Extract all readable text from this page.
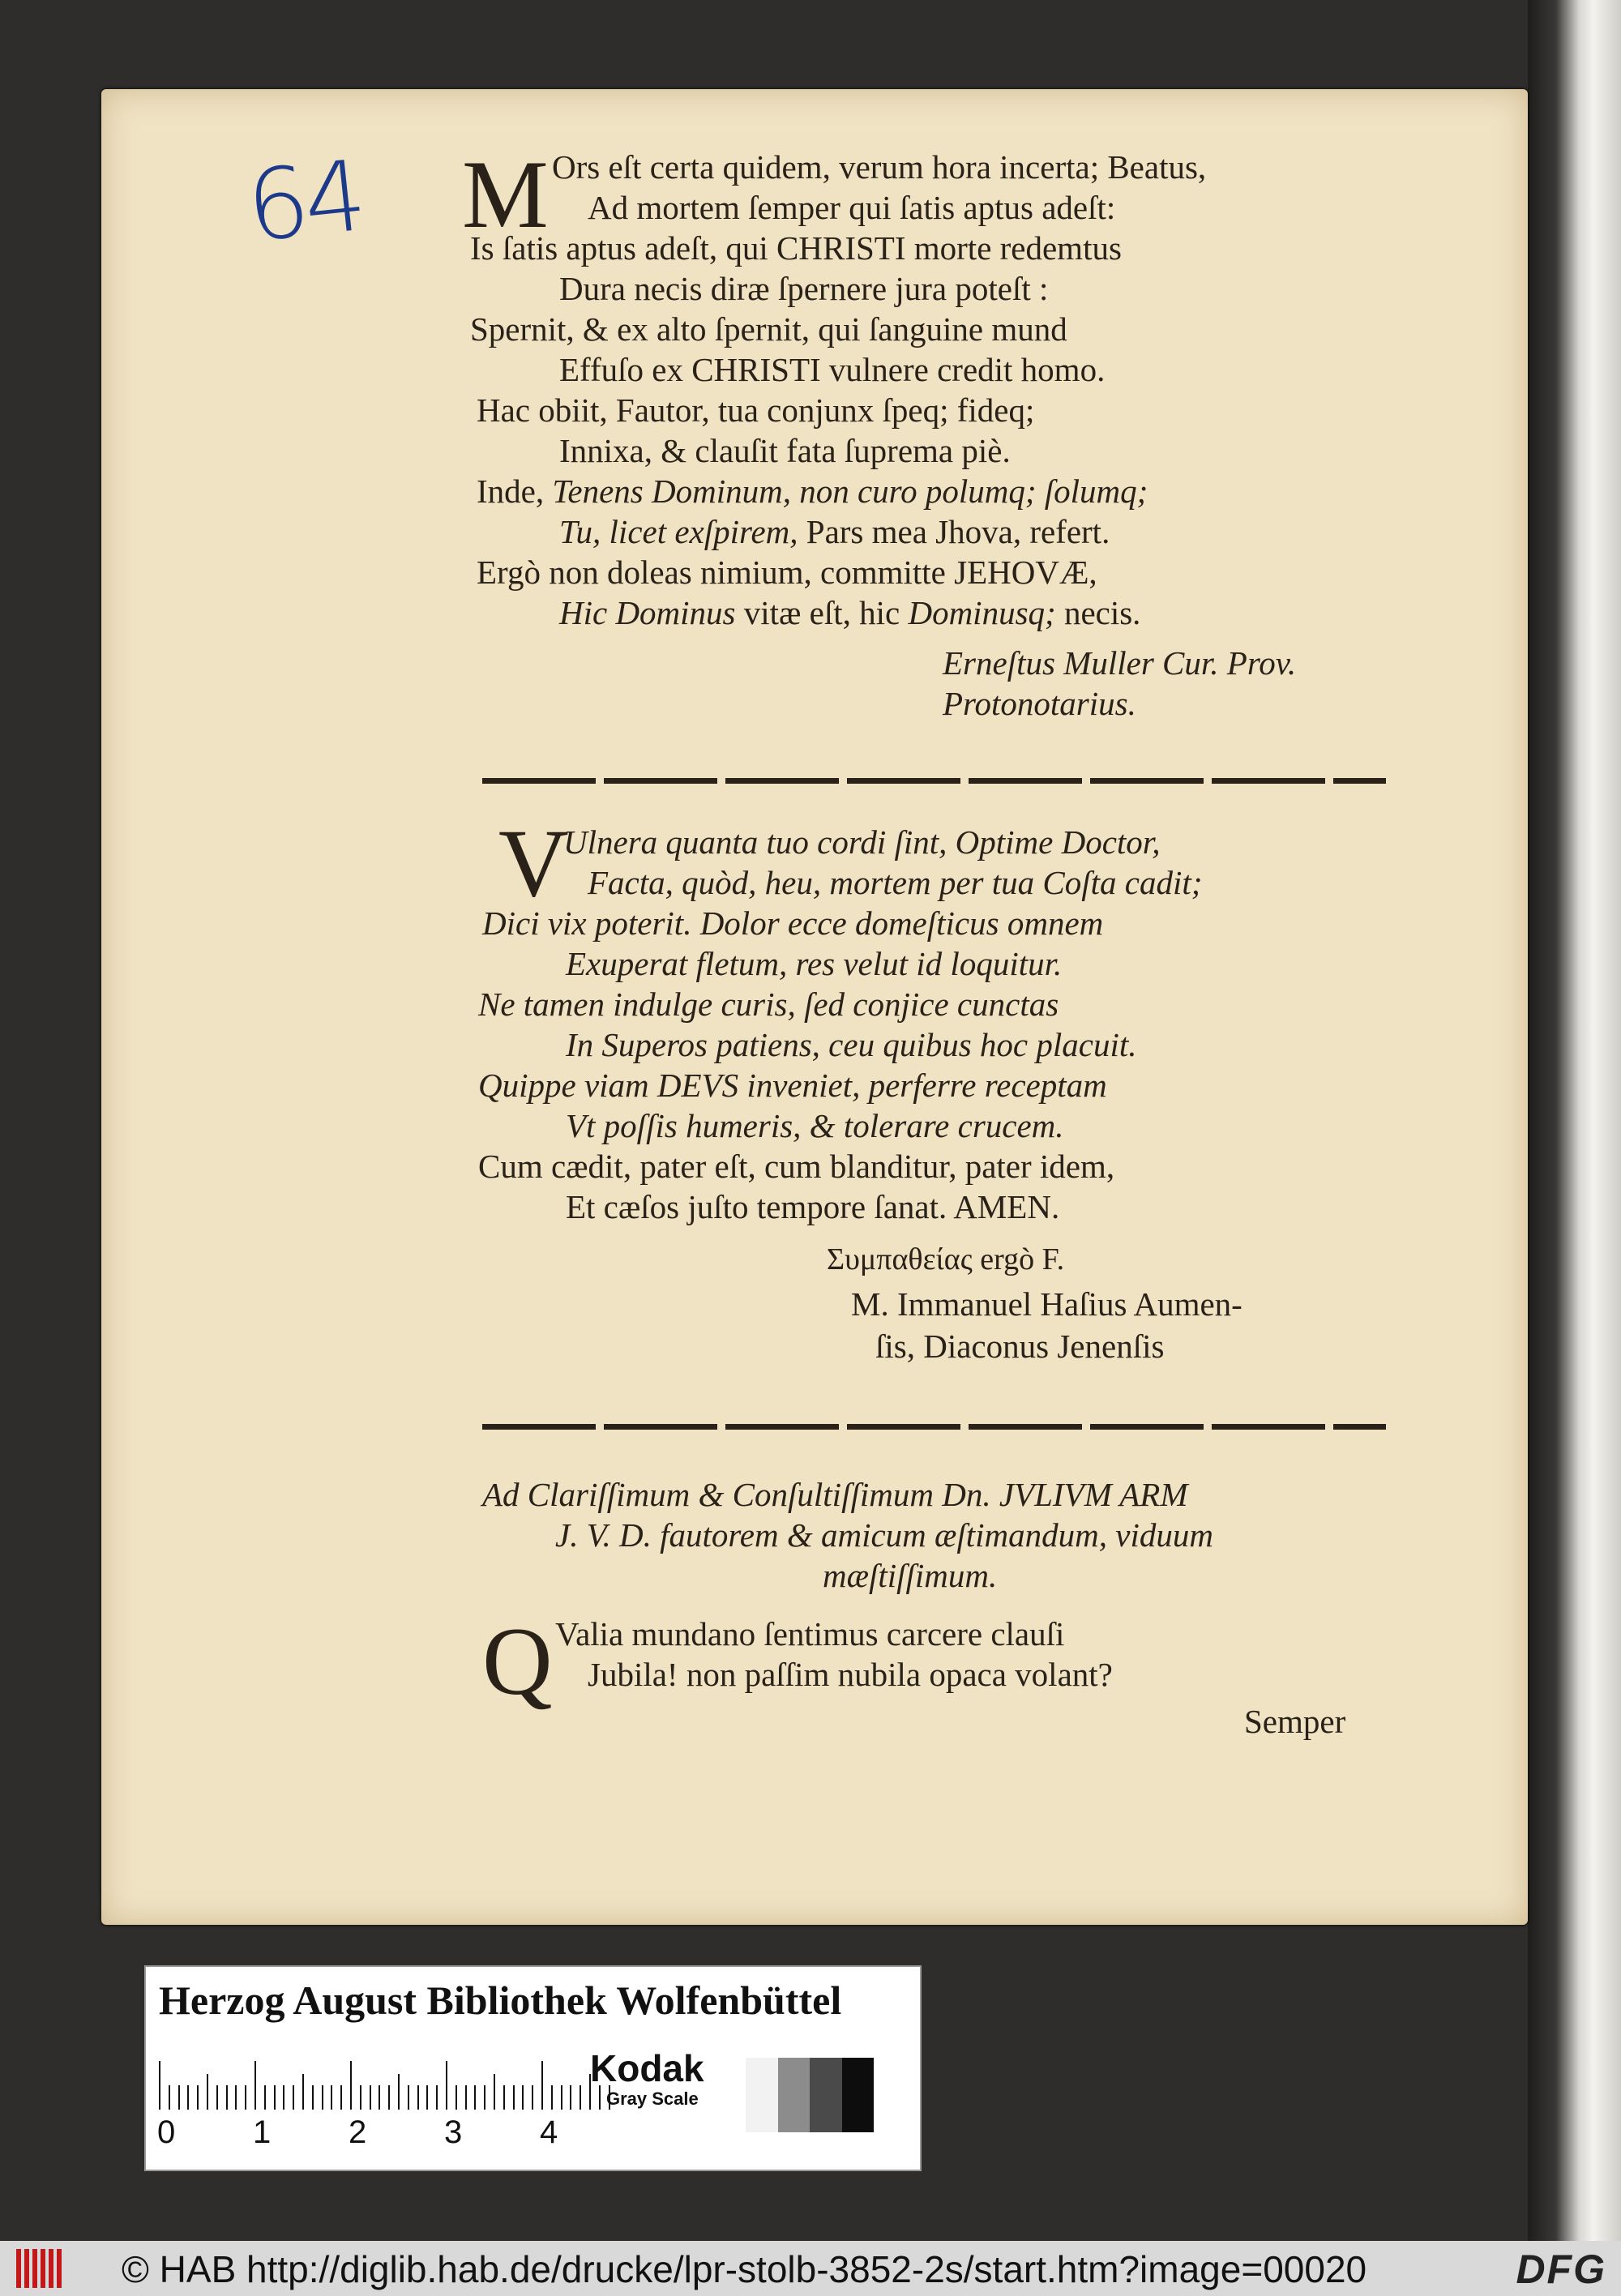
64 M Ors eſt certa quidem, verum hora incerta; Beatus,
Ad mortem ſemper qui ſatis aptus adeſt:
Is ſatis aptus adeſt, qui CHRISTI morte redemtus
Dura necis diræ ſpernere jura poteſt :
Spernit, & ex alto ſpernit, qui ſanguine mund
Effuſo ex CHRISTI vulnere credit homo.
Hac obiit, Fautor, tua conjunx ſpeq; fideq;
Innixa, & clauſit fata ſuprema piè.
Inde, Tenens Dominum, non curo polumq; ſolumq;
Tu, licet exſpirem, Pars mea Jhova, refert.
Ergò non doleas nimium, committe JEHOVÆ,
Hic Dominus vitæ eſt, hic Dominusq; necis.
Erneſtus Muller Cur. Prov.
Protonotarius.
V
Ulnera quanta tuo cordi ſint, Optime Doctor,
Facta, quòd, heu, mortem per tua Coſta cadit;
Dici vix poterit. Dolor ecce domeſticus omnem
Exuperat fletum, res velut id loquitur.
Ne tamen indulge curis, ſed conjice cunctas
In Superos patiens, ceu quibus hoc placuit.
Quippe viam DEVS inveniet, perferre receptam
Vt poſſis humeris, & tolerare crucem.
Cum cædit, pater eſt, cum blanditur, pater idem,
Et cæſos juſto tempore ſanat. AMEN.
Συμπαθείας ergò F.
M. Immanuel Haſius Aumen-
ſis, Diaconus Jenenſis
Ad Clariſſimum & Conſultiſſimum Dn. JVLIVM ARM
J. V. D. fautorem & amicum æſtimandum, viduum
mæſtiſſimum.
Q Valia mundano ſentimus carcere clauſi
Jubila! non paſſim nubila opaca volant?
Semper
Herzog August Bibliothek Wolfenbüttel
0 1 2 3 4
Kodak
Gray Scale
© HAB http://diglib.hab.de/drucke/lpr-stolb-3852-2s/start.htm?image=00020	DFG
